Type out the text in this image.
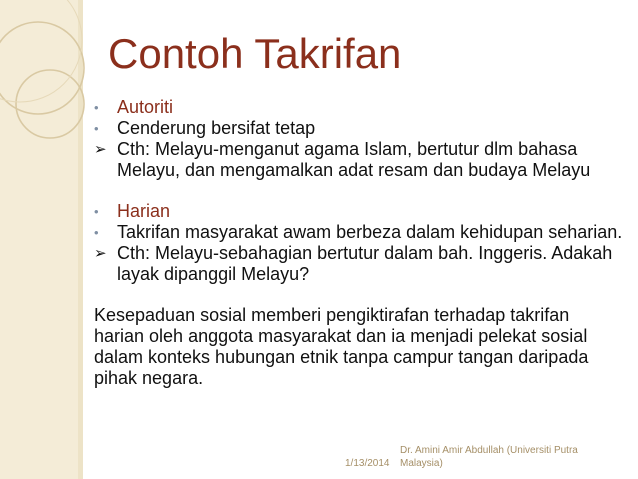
Contoh Takrifan
•	Autoriti
•	Cenderung bersifat tetap
➢ Cth: Melayu-menganut agama Islam, bertutur dlm bahasa Melayu, dan mengamalkan adat resam dan budaya Melayu
•	Harian
•	Takrifan masyarakat awam berbeza dalam kehidupan seharian.
➢ Cth: Melayu-sebahagian bertutur dalam bah. Inggeris. Adakah layak dipanggil Melayu?
Kesepaduan sosial memberi pengiktirafan terhadap takrifan harian oleh anggota masyarakat dan ia menjadi pelekat sosial dalam konteks hubungan etnik tanpa campur tangan daripada pihak negara.
1/13/2014
Dr. Amini Amir Abdullah (Universiti Putra Malaysia)
